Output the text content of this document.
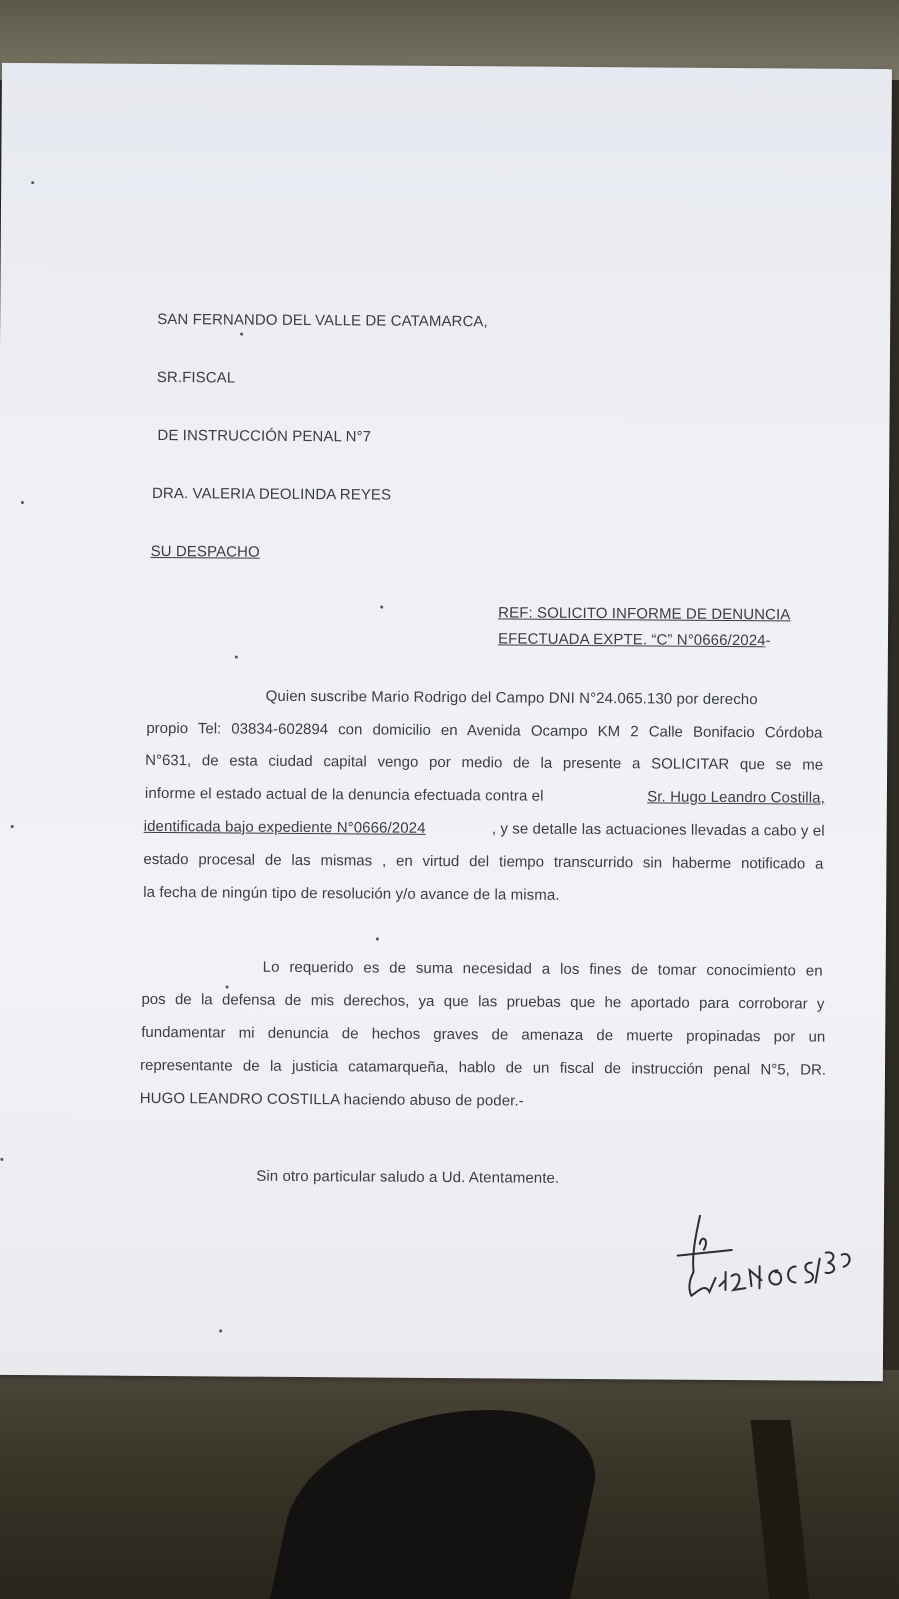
SAN FERNANDO DEL VALLE DE CATAMARCA,
SR.FISCAL
DE INSTRUCCIÓN PENAL N°7
DRA. VALERIA DEOLINDA REYES
SU DESPACHO
REF: SOLICITO INFORME DE DENUNCIA
EFECTUADA EXPTE. “C” N°0666/2024-
Quien suscribe Mario Rodrigo del Campo DNI N°24.065.130 por derecho
propio Tel: 03834-602894 con domicilio en Avenida Ocampo KM 2 Calle Bonifacio Córdoba
N°631, de esta ciudad capital vengo por medio de la presente a SOLICITAR que se me
informe el estado actual de la denuncia efectuada contra el	Sr. Hugo Leandro Costilla,
identificada bajo expediente N°0666/2024	, y se detalle las actuaciones llevadas a cabo y el
estado procesal de las mismas , en virtud del tiempo transcurrido sin haberme notificado a
la fecha de ningún tipo de resolución y/o avance de la misma.
Lo requerido es de suma necesidad a los fines de tomar conocimiento en
pos de la defensa de mis derechos, ya que las pruebas que he aportado para corroborar y
fundamentar mi denuncia de hechos graves de amenaza de muerte propinadas por un
representante de la justicia catamarqueña, hablo de un fiscal de instrucción penal N°5, DR.
HUGO LEANDRO COSTILLA haciendo abuso de poder.-
Sin otro particular saludo a Ud. Atentamente.
